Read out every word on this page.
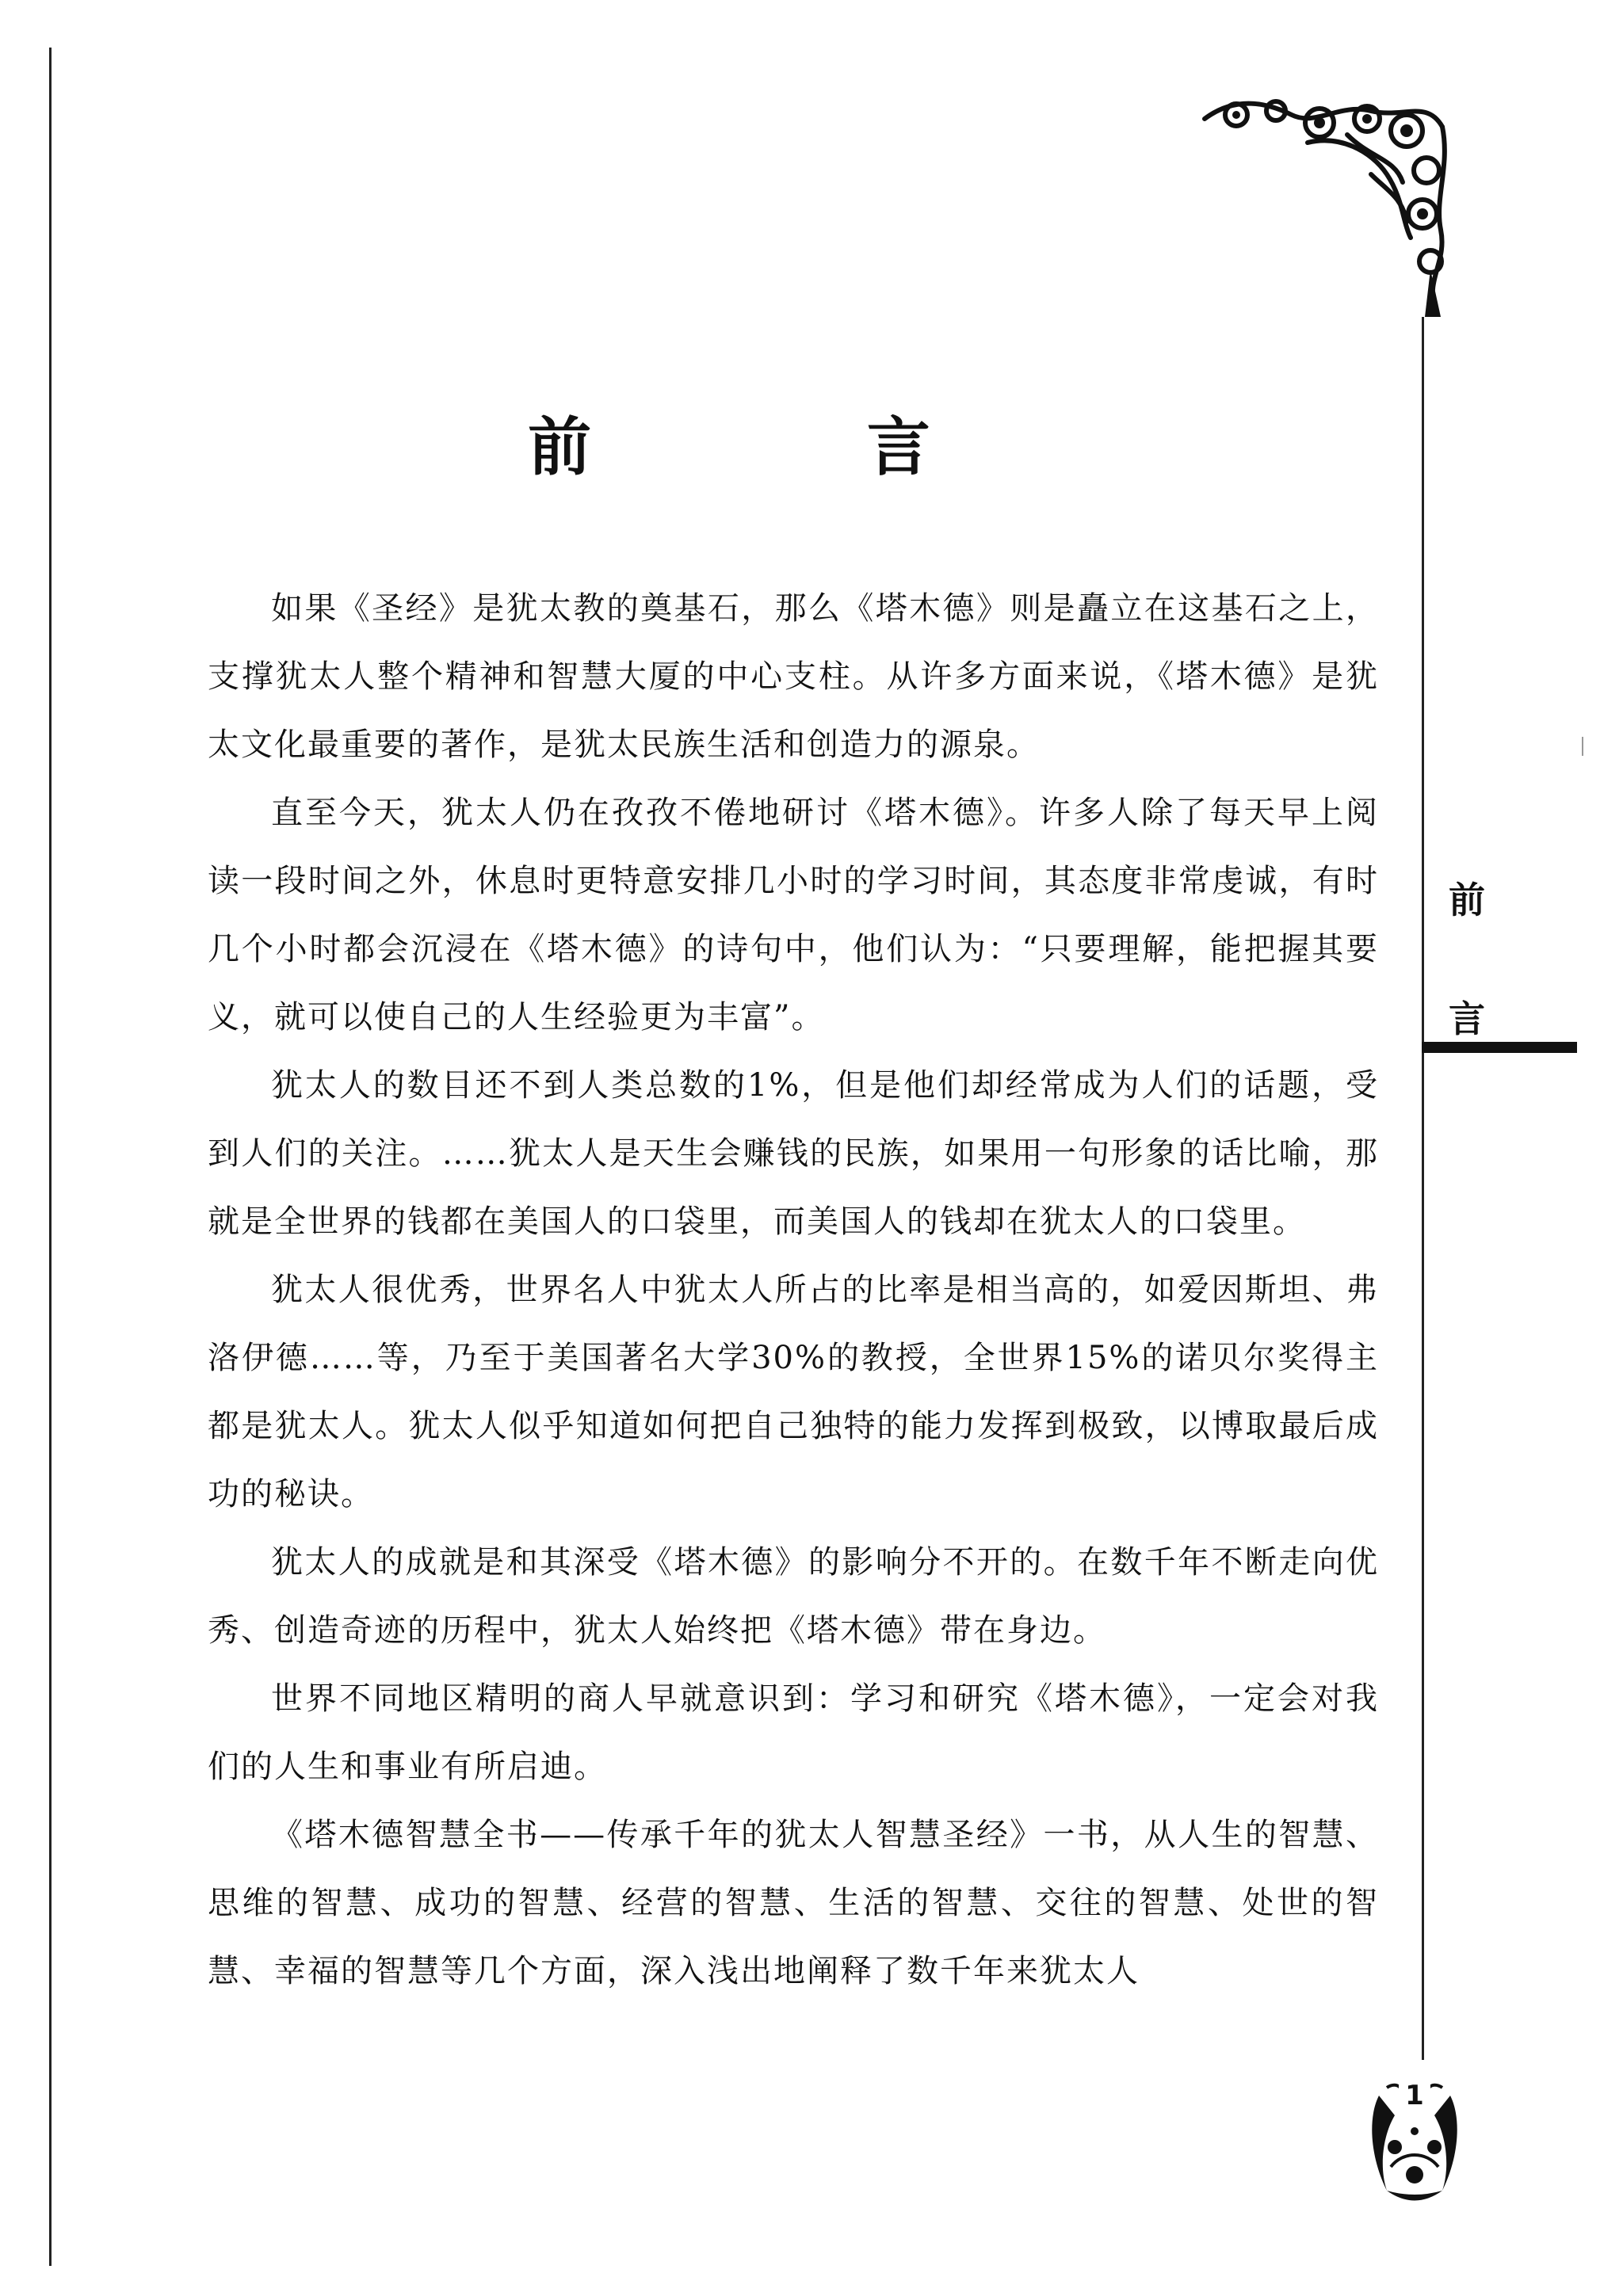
前 言

如果《圣经》是犹太教的奠基石，那么《塔木德》则是矗立在这基石之上，支撑犹太人整个精神和智慧大厦的中心支柱。从许多方面来说，《塔木德》是犹太文化最重要的著作，是犹太民族生活和创造力的源泉。

直至今天，犹太人仍在孜孜不倦地研讨《塔木德》。许多人除了每天早上阅读一段时间之外，休息时更特意安排几小时的学习时间，其态度非常虔诚，有时几个小时都会沉浸在《塔木德》的诗句中，他们认为：“只要理解，能把握其要义，就可以使自己的人生经验更为丰富”。

犹太人的数目还不到人类总数的1%，但是他们却经常成为人们的话题，受到人们的关注。……犹太人是天生会赚钱的民族，如果用一句形象的话比喻，那就是全世界的钱都在美国人的口袋里，而美国人的钱却在犹太人的口袋里。

犹太人很优秀，世界名人中犹太人所占的比率是相当高的，如爱因斯坦、弗洛伊德……等，乃至于美国著名大学30%的教授，全世界15%的诺贝尔奖得主都是犹太人。犹太人似乎知道如何把自己独特的能力发挥到极致，以博取最后成功的秘诀。

犹太人的成就是和其深受《塔木德》的影响分不开的。在数千年不断走向优秀、创造奇迹的历程中，犹太人始终把《塔木德》带在身边。

世界不同地区精明的商人早就意识到：学习和研究《塔木德》，一定会对我们的人生和事业有所启迪。

《塔木德智慧全书——传承千年的犹太人智慧圣经》一书，从人生的智慧、思维的智慧、成功的智慧、经营的智慧、生活的智慧、交往的智慧、处世的智慧、幸福的智慧等几个方面，深入浅出地阐释了数千年来犹太人

前
言
1
